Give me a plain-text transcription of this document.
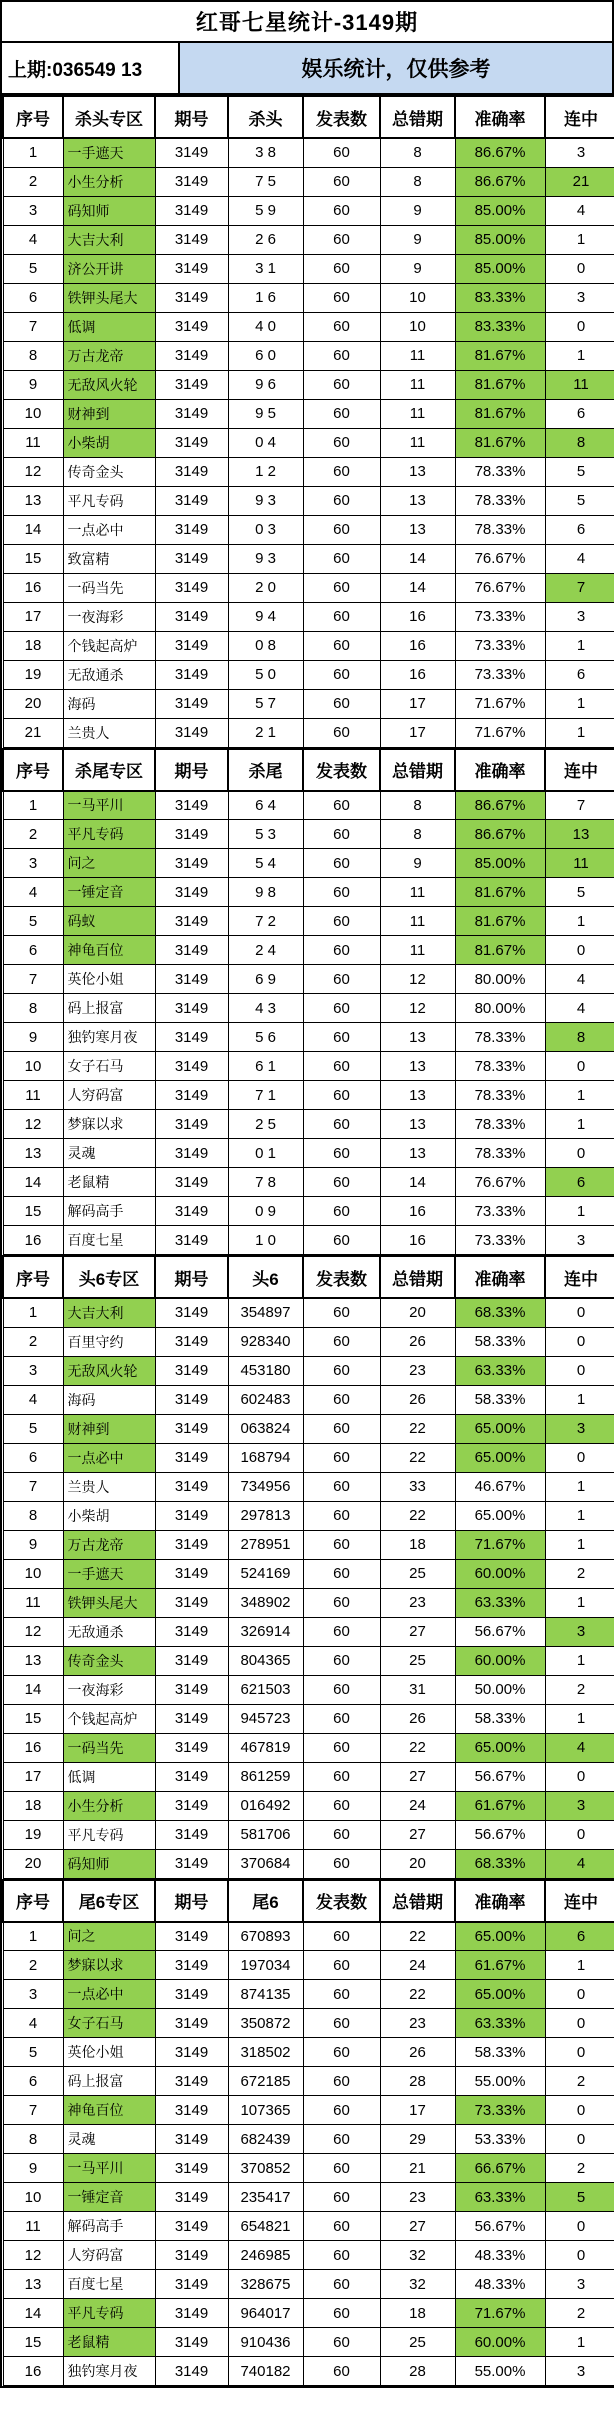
红哥七星统计-3149期
上期:036549 13	娱乐统计，仅供参考
序号	杀头专区	期号	杀头	发表数	总错期	准确率	连中
1	一手遮天	3149	3 8	60	8	86.67%	3
2	小生分析	3149	7 5	60	8	86.67%	21
3	码知师	3149	5 9	60	9	85.00%	4
4	大吉大利	3149	2 6	60	9	85.00%	1
5	济公开讲	3149	3 1	60	9	85.00%	0
6	铁钾头尾大	3149	1 6	60	10	83.33%	3
7	低调	3149	4 0	60	10	83.33%	0
8	万古龙帝	3149	6 0	60	11	81.67%	1
9	无敌风火轮	3149	9 6	60	11	81.67%	11
10	财神到	3149	9 5	60	11	81.67%	6
11	小柴胡	3149	0 4	60	11	81.67%	8
12	传奇金头	3149	1 2	60	13	78.33%	5
13	平凡专码	3149	9 3	60	13	78.33%	5
14	一点必中	3149	0 3	60	13	78.33%	6
15	致富精	3149	9 3	60	14	76.67%	4
16	一码当先	3149	2 0	60	14	76.67%	7
17	一夜海彩	3149	9 4	60	16	73.33%	3
18	个钱起高炉	3149	0 8	60	16	73.33%	1
19	无敌通杀	3149	5 0	60	16	73.33%	6
20	海码	3149	5 7	60	17	71.67%	1
21	兰贵人	3149	2 1	60	17	71.67%	1
序号	杀尾专区	期号	杀尾	发表数	总错期	准确率	连中
1	一马平川	3149	6 4	60	8	86.67%	7
2	平凡专码	3149	5 3	60	8	86.67%	13
3	问之	3149	5 4	60	9	85.00%	11
4	一锤定音	3149	9 8	60	11	81.67%	5
5	码蚁	3149	7 2	60	11	81.67%	1
6	神龟百位	3149	2 4	60	11	81.67%	0
7	英伦小姐	3149	6 9	60	12	80.00%	4
8	码上报富	3149	4 3	60	12	80.00%	4
9	独钓寒月夜	3149	5 6	60	13	78.33%	8
10	女子石马	3149	6 1	60	13	78.33%	0
11	人穷码富	3149	7 1	60	13	78.33%	1
12	梦寐以求	3149	2 5	60	13	78.33%	1
13	灵魂	3149	0 1	60	13	78.33%	0
14	老鼠精	3149	7 8	60	14	76.67%	6
15	解码高手	3149	0 9	60	16	73.33%	1
16	百度七星	3149	1 0	60	16	73.33%	3
序号	头6专区	期号	头6	发表数	总错期	准确率	连中
1	大吉大利	3149	354897	60	20	68.33%	0
2	百里守约	3149	928340	60	26	58.33%	0
3	无敌风火轮	3149	453180	60	23	63.33%	0
4	海码	3149	602483	60	26	58.33%	1
5	财神到	3149	063824	60	22	65.00%	3
6	一点必中	3149	168794	60	22	65.00%	0
7	兰贵人	3149	734956	60	33	46.67%	1
8	小柴胡	3149	297813	60	22	65.00%	1
9	万古龙帝	3149	278951	60	18	71.67%	1
10	一手遮天	3149	524169	60	25	60.00%	2
11	铁钾头尾大	3149	348902	60	23	63.33%	1
12	无敌通杀	3149	326914	60	27	56.67%	3
13	传奇金头	3149	804365	60	25	60.00%	1
14	一夜海彩	3149	621503	60	31	50.00%	2
15	个钱起高炉	3149	945723	60	26	58.33%	1
16	一码当先	3149	467819	60	22	65.00%	4
17	低调	3149	861259	60	27	56.67%	0
18	小生分析	3149	016492	60	24	61.67%	3
19	平凡专码	3149	581706	60	27	56.67%	0
20	码知师	3149	370684	60	20	68.33%	4
序号	尾6专区	期号	尾6	发表数	总错期	准确率	连中
1	问之	3149	670893	60	22	65.00%	6
2	梦寐以求	3149	197034	60	24	61.67%	1
3	一点必中	3149	874135	60	22	65.00%	0
4	女子石马	3149	350872	60	23	63.33%	0
5	英伦小姐	3149	318502	60	26	58.33%	0
6	码上报富	3149	672185	60	28	55.00%	2
7	神龟百位	3149	107365	60	17	73.33%	0
8	灵魂	3149	682439	60	29	53.33%	0
9	一马平川	3149	370852	60	21	66.67%	2
10	一锤定音	3149	235417	60	23	63.33%	5
11	解码高手	3149	654821	60	27	56.67%	0
12	人穷码富	3149	246985	60	32	48.33%	0
13	百度七星	3149	328675	60	32	48.33%	3
14	平凡专码	3149	964017	60	18	71.67%	2
15	老鼠精	3149	910436	60	25	60.00%	1
16	独钓寒月夜	3149	740182	60	28	55.00%	3
